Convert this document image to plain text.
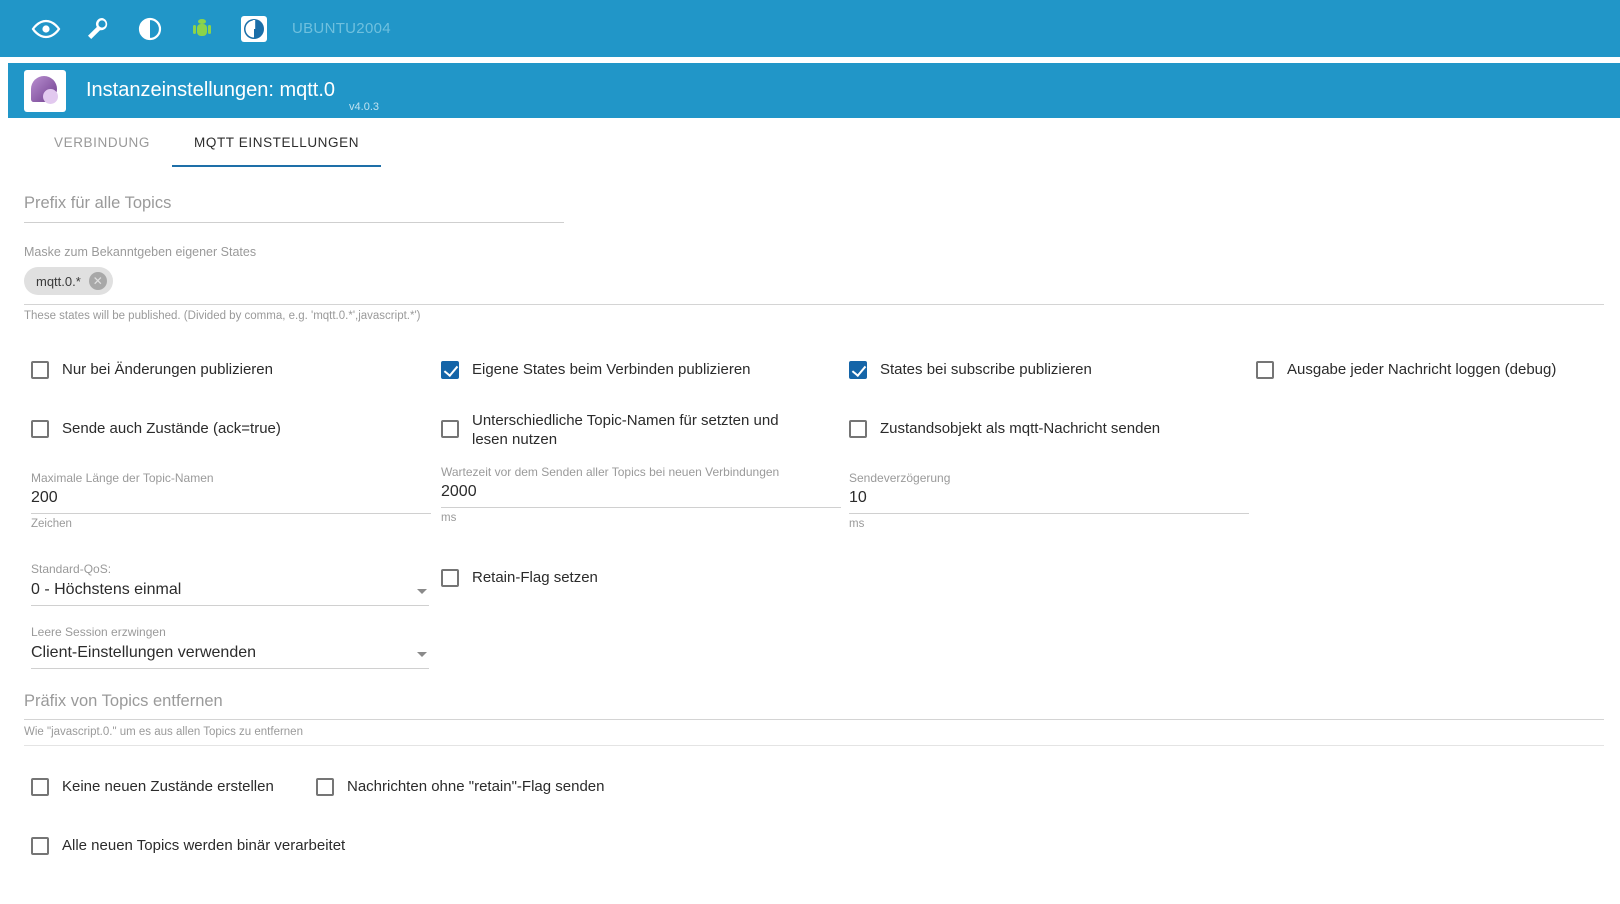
UBUNTU2004
Instanzeinstellungen: mqtt.0
v4.0.3
VERBINDUNG	MQTT EINSTELLUNGEN
Prefix für alle Topics
Maske zum Bekanntgeben eigener States
mqtt.0.* ✕
These states will be published. (Divided by comma, e.g. 'mqtt.0.*',javascript.*')
Nur bei Änderungen publizieren	Eigene States beim Verbinden publizieren	States bei subscribe publizieren	Ausgabe jeder Nachricht loggen (debug)
Sende auch Zustände (ack=true)	Unterschiedliche Topic-Namen für setzten und lesen nutzen
Zustandsobjekt als mqtt-Nachricht senden
Maximale Länge der Topic-Namen
200
Zeichen
Wartezeit vor dem Senden aller Topics bei neuen Verbindungen
2000
ms
Sendeverzögerung
10
ms
Standard-QoS:
0 - Höchstens einmal
Leere Session erzwingen
Client-Einstellungen verwenden
Retain-Flag setzen
Präfix von Topics entfernen
Wie "javascript.0." um es aus allen Topics zu entfernen
Keine neuen Zustände erstellen	Nachrichten ohne "retain"-Flag senden
Alle neuen Topics werden binär verarbeitet
